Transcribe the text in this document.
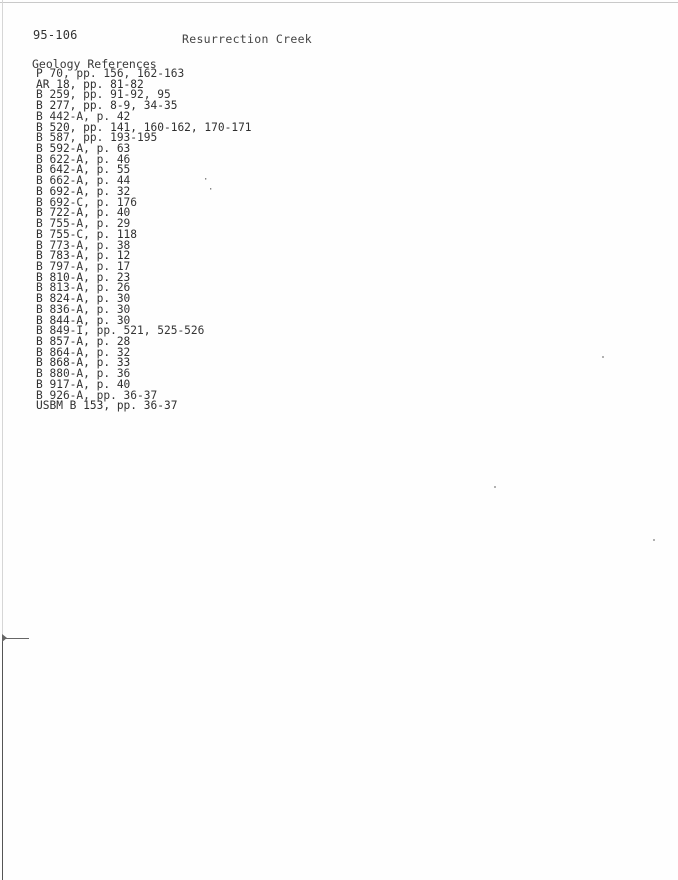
95-106	Resurrection Creek
Geology References
P 70, pp. 156, 162-163
AR 18, pp. 81-82
B 259, pp. 91-92, 95
B 277, pp. 8-9, 34-35
B 442-A, p. 42
B 520, pp. 141, 160-162, 170-171
B 587, pp. 193-195
B 592-A, p. 63
B 622-A, p. 46
B 642-A, p. 55
B 662-A, p. 44
B 692-A, p. 32
B 692-C, p. 176
B 722-A, p. 40
B 755-A, p. 29
B 755-C, p. 118
B 773-A, p. 38
B 783-A, p. 12
B 797-A, p. 17
B 810-A, p. 23
B 813-A, p. 26
B 824-A, p. 30
B 836-A, p. 30
B 844-A, p. 30
B 849-I, pp. 521, 525-526
B 857-A, p. 28
B 864-A, p. 32
B 868-A, p. 33
B 880-A, p. 36
B 917-A, p. 40
B 926-A, pp. 36-37
USBM B 153, pp. 36-37
·
·
